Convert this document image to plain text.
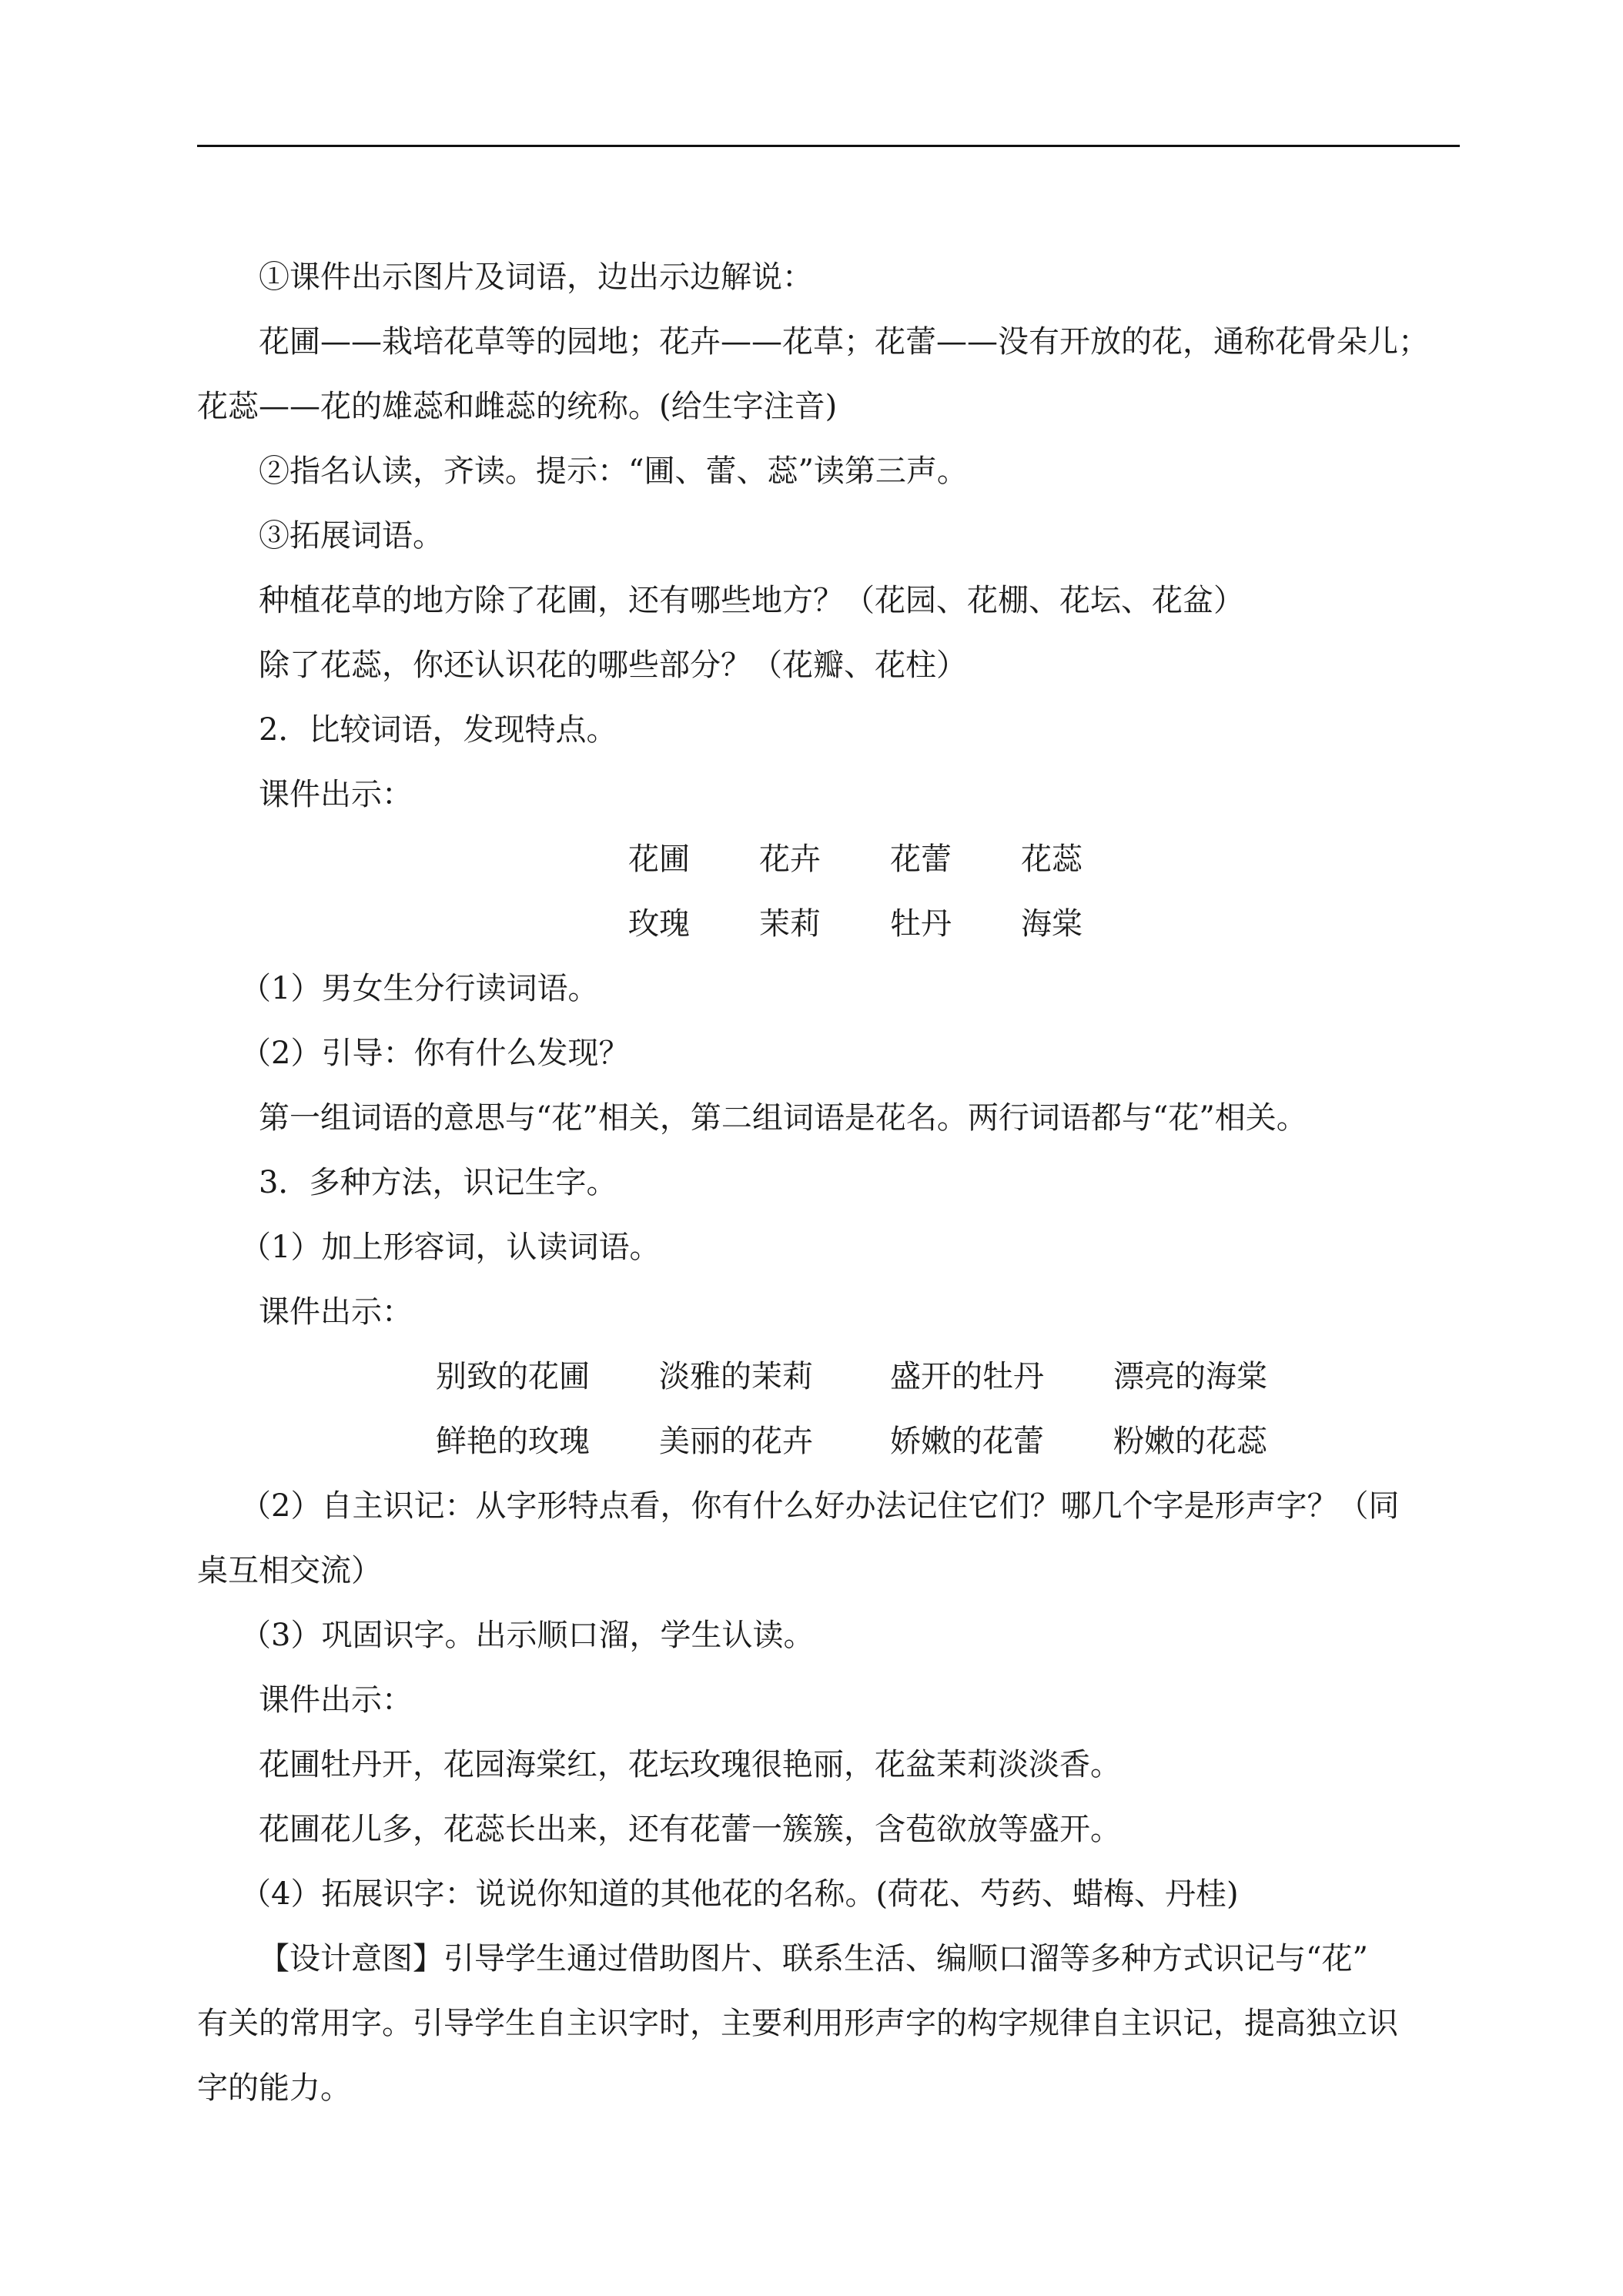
①课件出示图片及词语，边出示边解说：

花圃——栽培花草等的园地；花卉——花草；花蕾——没有开放的花，通称花骨朵儿；

花蕊——花的雄蕊和雌蕊的统称。(给生字注音)

②指名认读，齐读。提示：“圃、蕾、蕊”读第三声。

③拓展词语。

种植花草的地方除了花圃，还有哪些地方？（花园、花棚、花坛、花盆）

除了花蕊，你还认识花的哪些部分？（花瓣、花柱）

2．比较词语，发现特点。

课件出示：

花圃 花卉 花蕾 花蕊
玫瑰 茉莉 牡丹 海棠

（1）男女生分行读词语。

（2）引导：你有什么发现？

第一组词语的意思与“花”相关，第二组词语是花名。两行词语都与“花”相关。

3．多种方法，识记生字。

（1）加上形容词，认读词语。

课件出示：

别致的花圃 淡雅的茉莉	盛开的牡丹 漂亮的海棠
鲜艳的玫瑰 美丽的花卉	娇嫩的花蕾 粉嫩的花蕊

（2）自主识记：从字形特点看，你有什么好办法记住它们？哪几个字是形声字？（同

桌互相交流）

（3）巩固识字。出示顺口溜，学生认读。

课件出示：

花圃牡丹开，花园海棠红，花坛玫瑰很艳丽，花盆茉莉淡淡香。

花圃花儿多，花蕊长出来，还有花蕾一簇簇，含苞欲放等盛开。

（4）拓展识字：说说你知道的其他花的名称。(荷花、芍药、蜡梅、丹桂)

【设计意图】引导学生通过借助图片、联系生活、编顺口溜等多种方式识记与“花”

有关的常用字。引导学生自主识字时，主要利用形声字的构字规律自主识记，提高独立识

字的能力。
